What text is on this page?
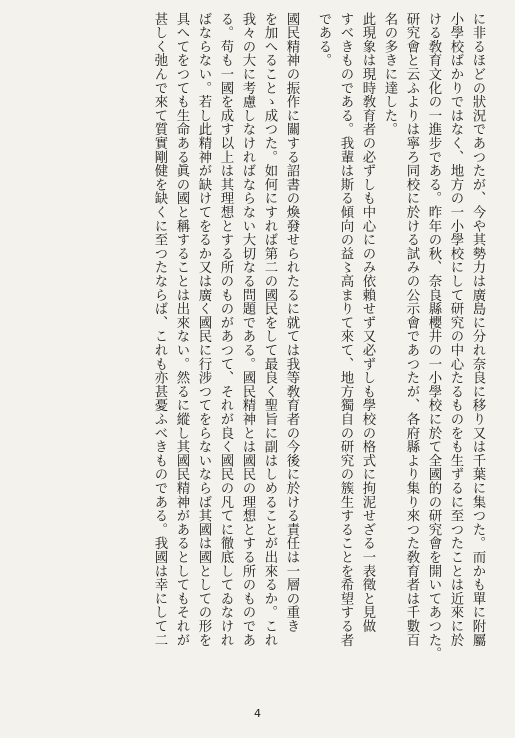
に非るほどの狀況であつたが、今や其勢力は廣島に分れ奈良に移り又は千葉に集つた。而かも單に附屬
小學校ばかりではなく、地方の一小學校にして研究の中心たるものをも生ずるに至つたことは近來に於
ける敎育文化の一進步である。昨年の秋、奈良縣櫻井の一小學校に於て全國的の研究會を開いてあつた。
研究會と云ふよりは寧ろ同校に於ける試みの公示會であつたが、各府縣より集り來つた敎育者は千數百
名の多きに達した。
此現象は現時敎育者の必ずしも中心にのみ依賴せず又必ずしも學校の格式に拘泥せざる一表徵と見做
すべきものである。我輩は斯る傾向の益〻高まりて來て、地方獨自の研究の簇生することを希望する者
である。
國民精神の振作に關する詔書の煥發せられたるに就ては我等敎育者の今後に於ける責任は一層の重き
を加へることゝ成つた。如何にすれば第二の國民をして最良く聖旨に副はしめることが出來るか。これ
我々の大に考慮しなければならない大切なる問題である。國民精神とは國民の理想とする所のものであ
る。苟も一國を成す以上は其理想とする所のものがあつて、それが良く國民の凡てに徹底してゐなけれ
ばならない。若し此精神が缺けてをるか又は廣く國民に行涉つてをらないならば其國は國としての形を
具へてをつても生命ある眞の國と稱することは出來ない。然るに縱し其國民精神があるとしてもそれが
甚しく弛んで來て質實剛健を缺くに至つたならば、これも亦甚憂ふべきものである。我國は幸にして二
4
